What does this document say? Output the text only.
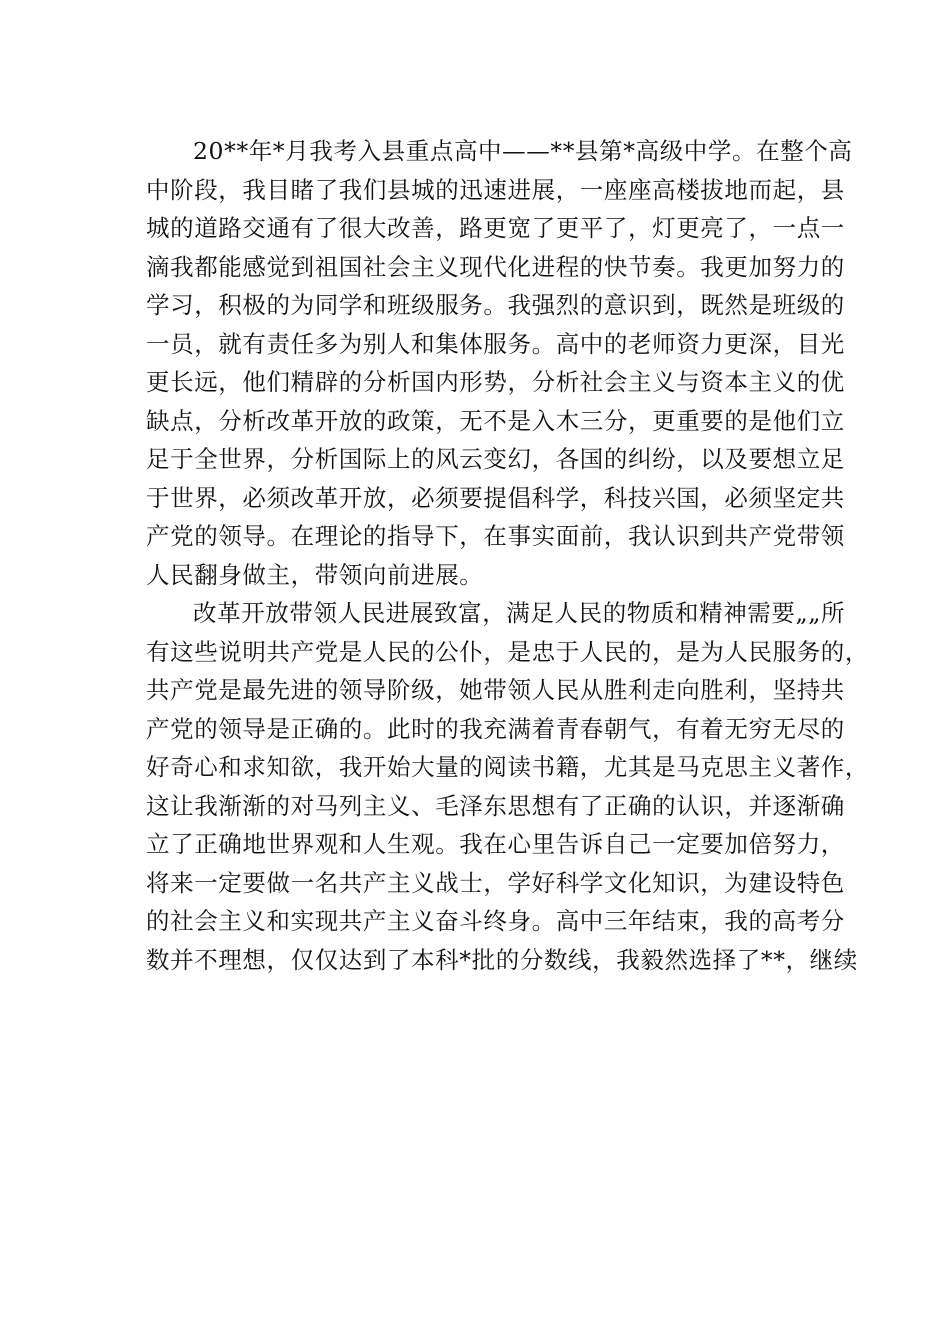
20**年*月我考入县重点高中——**县第*高级中学。在整个高
中阶段，我目睹了我们县城的迅速进展，一座座高楼拔地而起，县
城的道路交通有了很大改善，路更宽了更平了，灯更亮了，一点一
滴我都能感觉到祖国社会主义现代化进程的快节奏。我更加努力的
学习，积极的为同学和班级服务。我强烈的意识到，既然是班级的
一员，就有责任多为别人和集体服务。高中的老师资力更深，目光
更长远，他们精辟的分析国内形势，分析社会主义与资本主义的优
缺点，分析改革开放的政策，无不是入木三分，更重要的是他们立
足于全世界，分析国际上的风云变幻，各国的纠纷，以及要想立足
于世界，必须改革开放，必须要提倡科学，科技兴国，必须坚定共
产党的领导。在理论的指导下，在事实面前，我认识到共产党带领
人民翻身做主，带领向前进展。
改革开放带领人民进展致富，满足人民的物质和精神需要„„所
有这些说明共产党是人民的公仆，是忠于人民的，是为人民服务的，
共产党是最先进的领导阶级，她带领人民从胜利走向胜利，坚持共
产党的领导是正确的。此时的我充满着青春朝气，有着无穷无尽的
好奇心和求知欲，我开始大量的阅读书籍，尤其是马克思主义著作，
这让我渐渐的对马列主义、毛泽东思想有了正确的认识，并逐渐确
立了正确地世界观和人生观。我在心里告诉自己一定要加倍努力，
将来一定要做一名共产主义战士，学好科学文化知识，为建设特色
的社会主义和实现共产主义奋斗终身。高中三年结束，我的高考分
数并不理想，仅仅达到了本科*批的分数线，我毅然选择了**，继续
